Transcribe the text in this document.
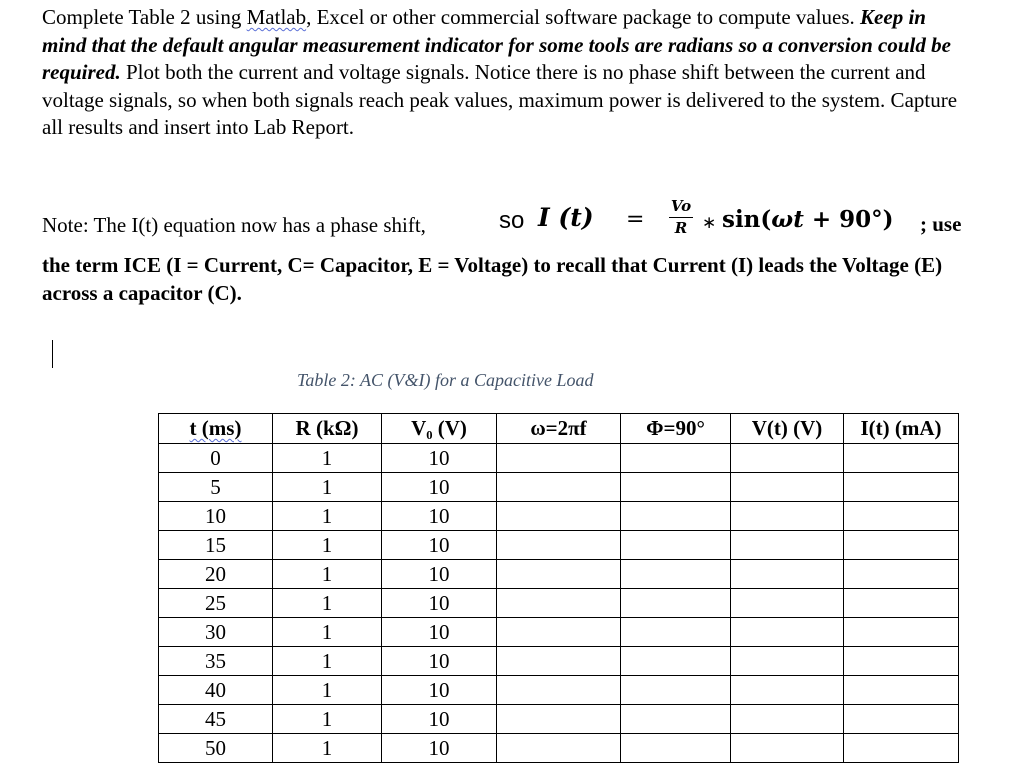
Complete Table 2 using Matlab, Excel or other commercial software package to compute values. Keep in mind that the default angular measurement indicator for some tools are radians so a conversion could be required. Plot both the current and voltage signals. Notice there is no phase shift between the current and voltage signals, so when both signals reach peak values, maximum power is delivered to the system. Capture all results and insert into Lab Report.
Note: The I(t) equation now has a phase shift,	so I (t) =
Vo
R ∗ sin(ωt + 90°) ; use
the term ICE (I = Current, C= Capacitor, E = Voltage) to recall that Current (I) leads the Voltage (E) across a capacitor (C).
Table 2: AC (V&I) for a Capacitive Load
t (ms)	R (kΩ)	V₀ (V)	ω=2πf	Φ=90°	V(t) (V)	I(t) (mA)
0	1	10				
5	1	10				
10	1	10				
15	1	10				
20	1	10				
25	1	10				
30	1	10				
35	1	10				
40	1	10				
45	1	10				
50	1	10				
